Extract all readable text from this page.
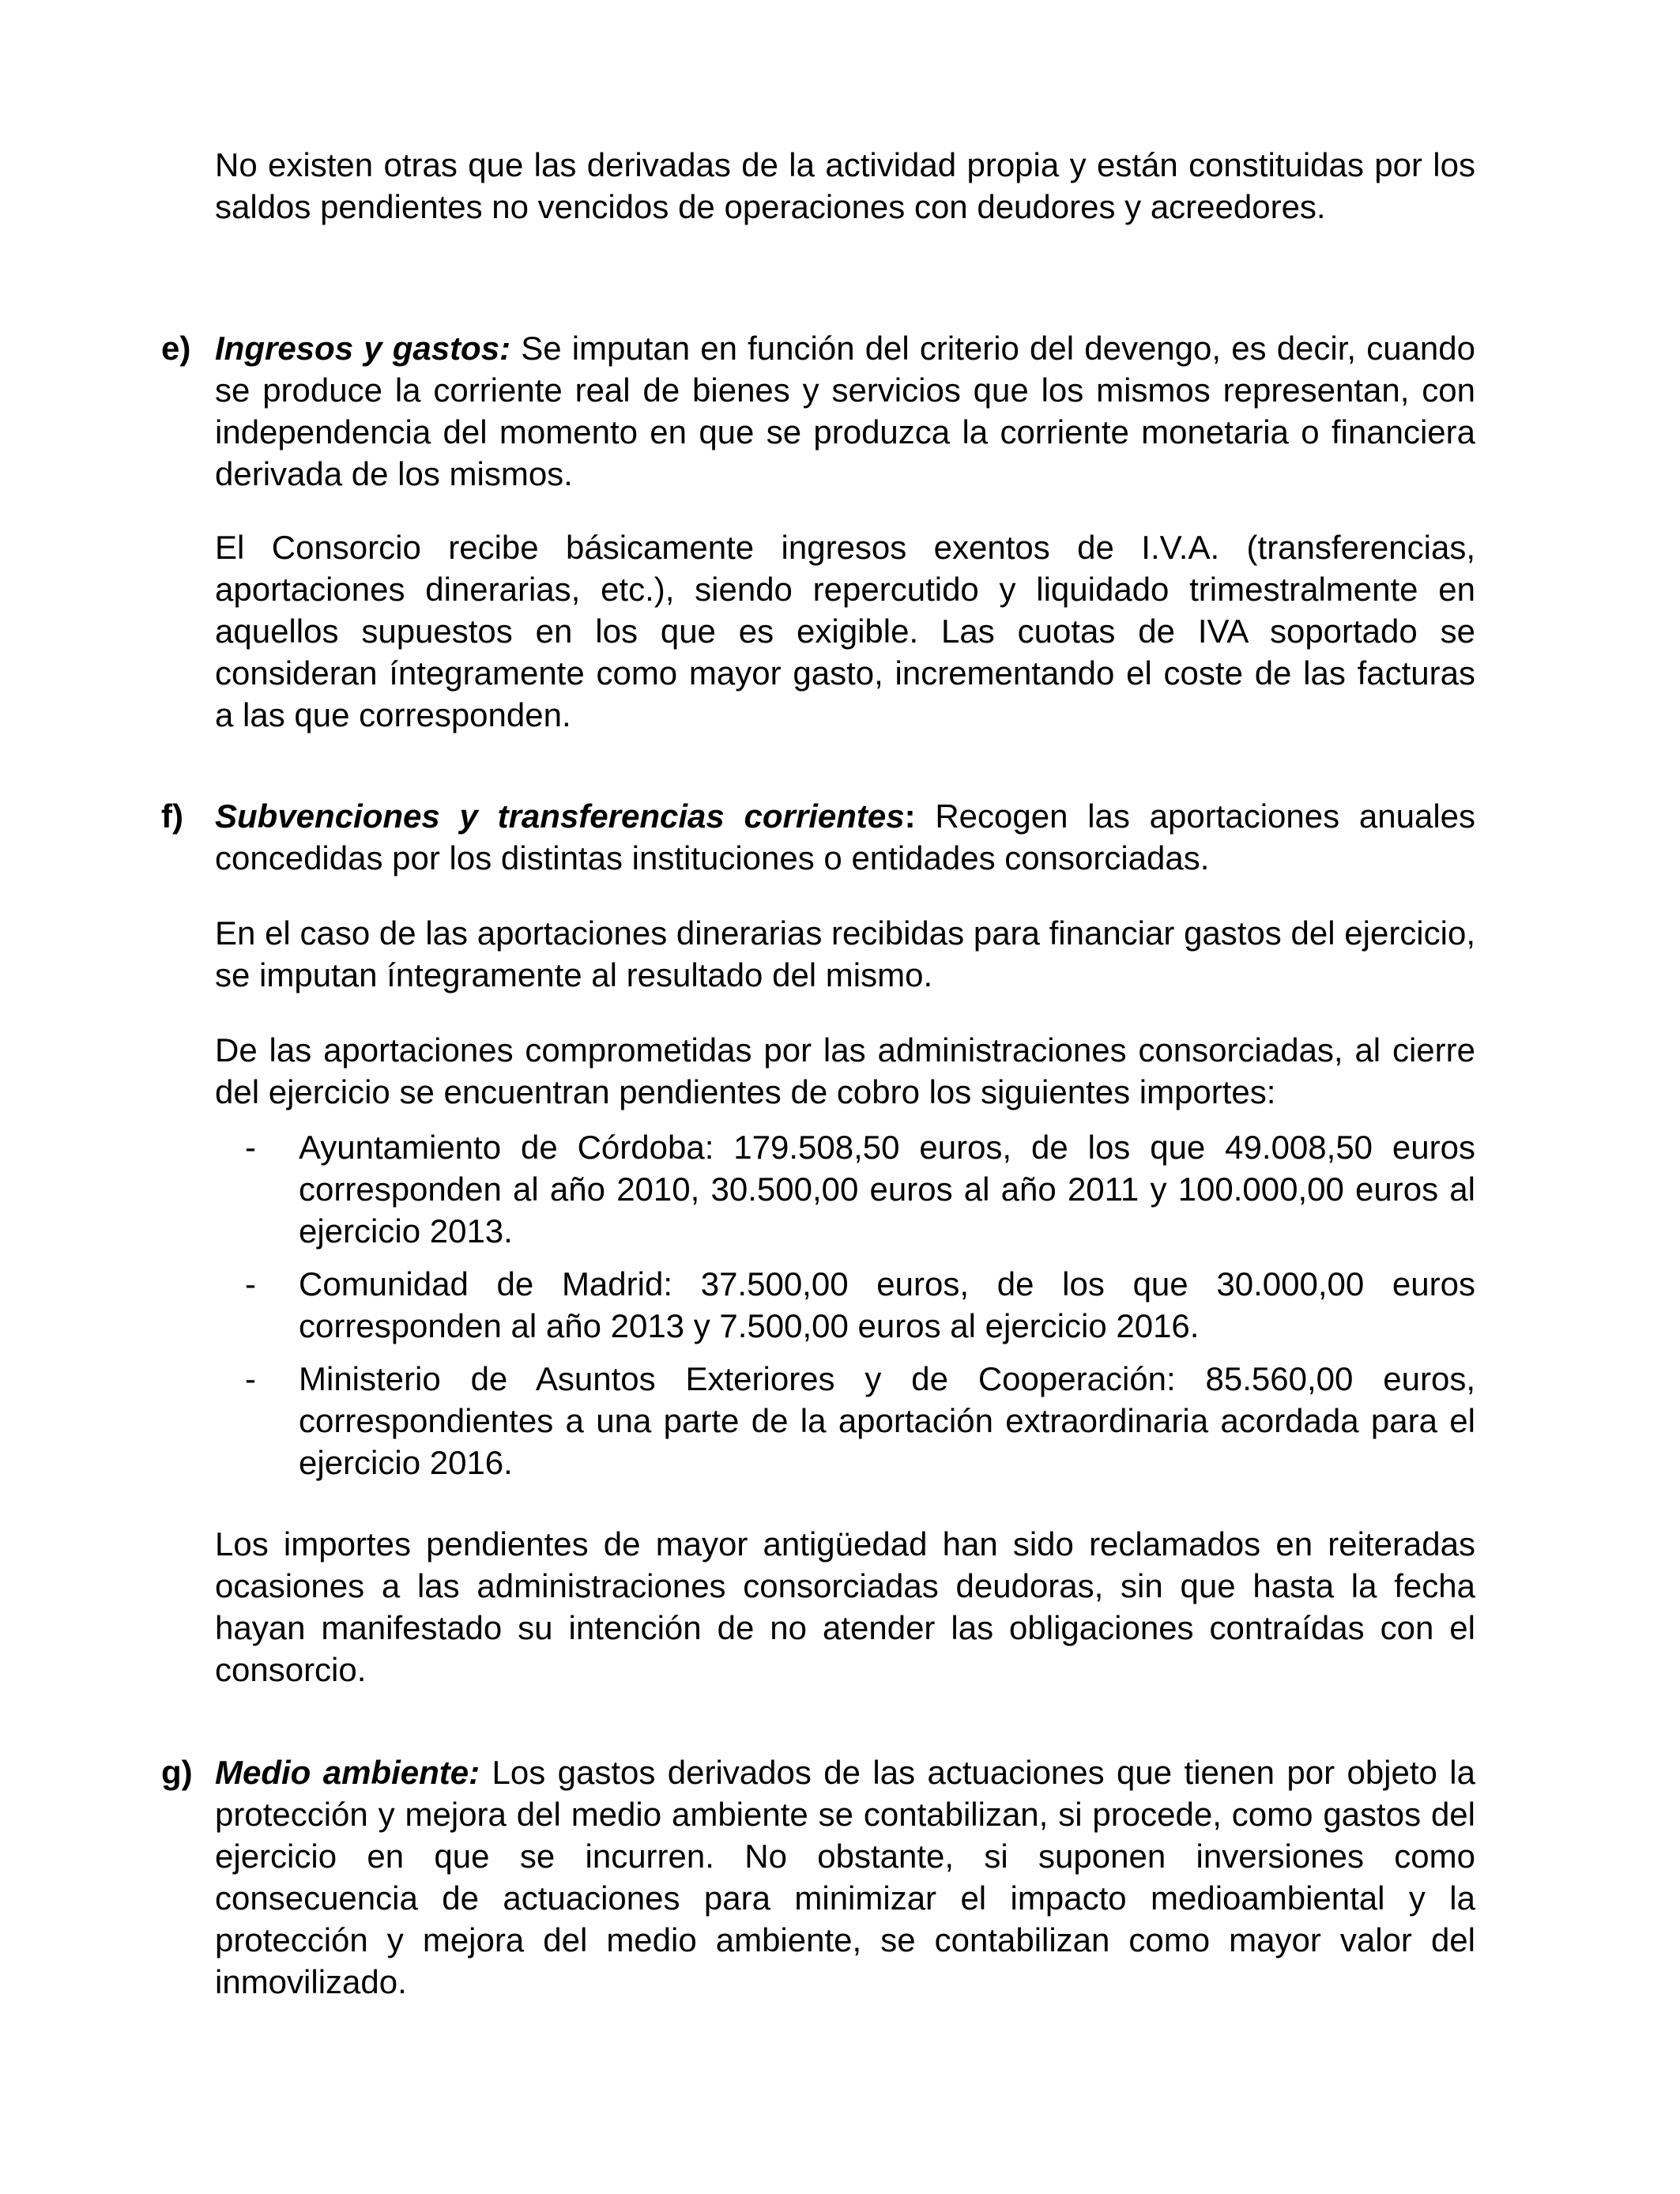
No existen otras que las derivadas de la actividad propia y están constituidas por los saldos pendientes no vencidos de operaciones con deudores y acreedores.

e) Ingresos y gastos: Se imputan en función del criterio del devengo, es decir, cuando se produce la corriente real de bienes y servicios que los mismos representan, con independencia del momento en que se produzca la corriente monetaria o financiera derivada de los mismos.

El Consorcio recibe básicamente ingresos exentos de I.V.A. (transferencias, aportaciones dinerarias, etc.), siendo repercutido y liquidado trimestralmente en aquellos supuestos en los que es exigible. Las cuotas de IVA soportado se consideran íntegramente como mayor gasto, incrementando el coste de las facturas a las que corresponden.

f) Subvenciones y transferencias corrientes: Recogen las aportaciones anuales concedidas por los distintas instituciones o entidades consorciadas.

En el caso de las aportaciones dinerarias recibidas para financiar gastos del ejercicio, se imputan íntegramente al resultado del mismo.

De las aportaciones comprometidas por las administraciones consorciadas, al cierre del ejercicio se encuentran pendientes de cobro los siguientes importes:

- Ayuntamiento de Córdoba: 179.508,50 euros, de los que 49.008,50 euros corresponden al año 2010, 30.500,00 euros al año 2011 y 100.000,00 euros al ejercicio 2013.
- Comunidad de Madrid: 37.500,00 euros, de los que 30.000,00 euros corresponden al año 2013 y 7.500,00 euros al ejercicio 2016.
- Ministerio de Asuntos Exteriores y de Cooperación: 85.560,00 euros, correspondientes a una parte de la aportación extraordinaria acordada para el ejercicio 2016.

Los importes pendientes de mayor antigüedad han sido reclamados en reiteradas ocasiones a las administraciones consorciadas deudoras, sin que hasta la fecha hayan manifestado su intención de no atender las obligaciones contraídas con el consorcio.

g) Medio ambiente: Los gastos derivados de las actuaciones que tienen por objeto la protección y mejora del medio ambiente se contabilizan, si procede, como gastos del ejercicio en que se incurren. No obstante, si suponen inversiones como consecuencia de actuaciones para minimizar el impacto medioambiental y la protección y mejora del medio ambiente, se contabilizan como mayor valor del inmovilizado.
